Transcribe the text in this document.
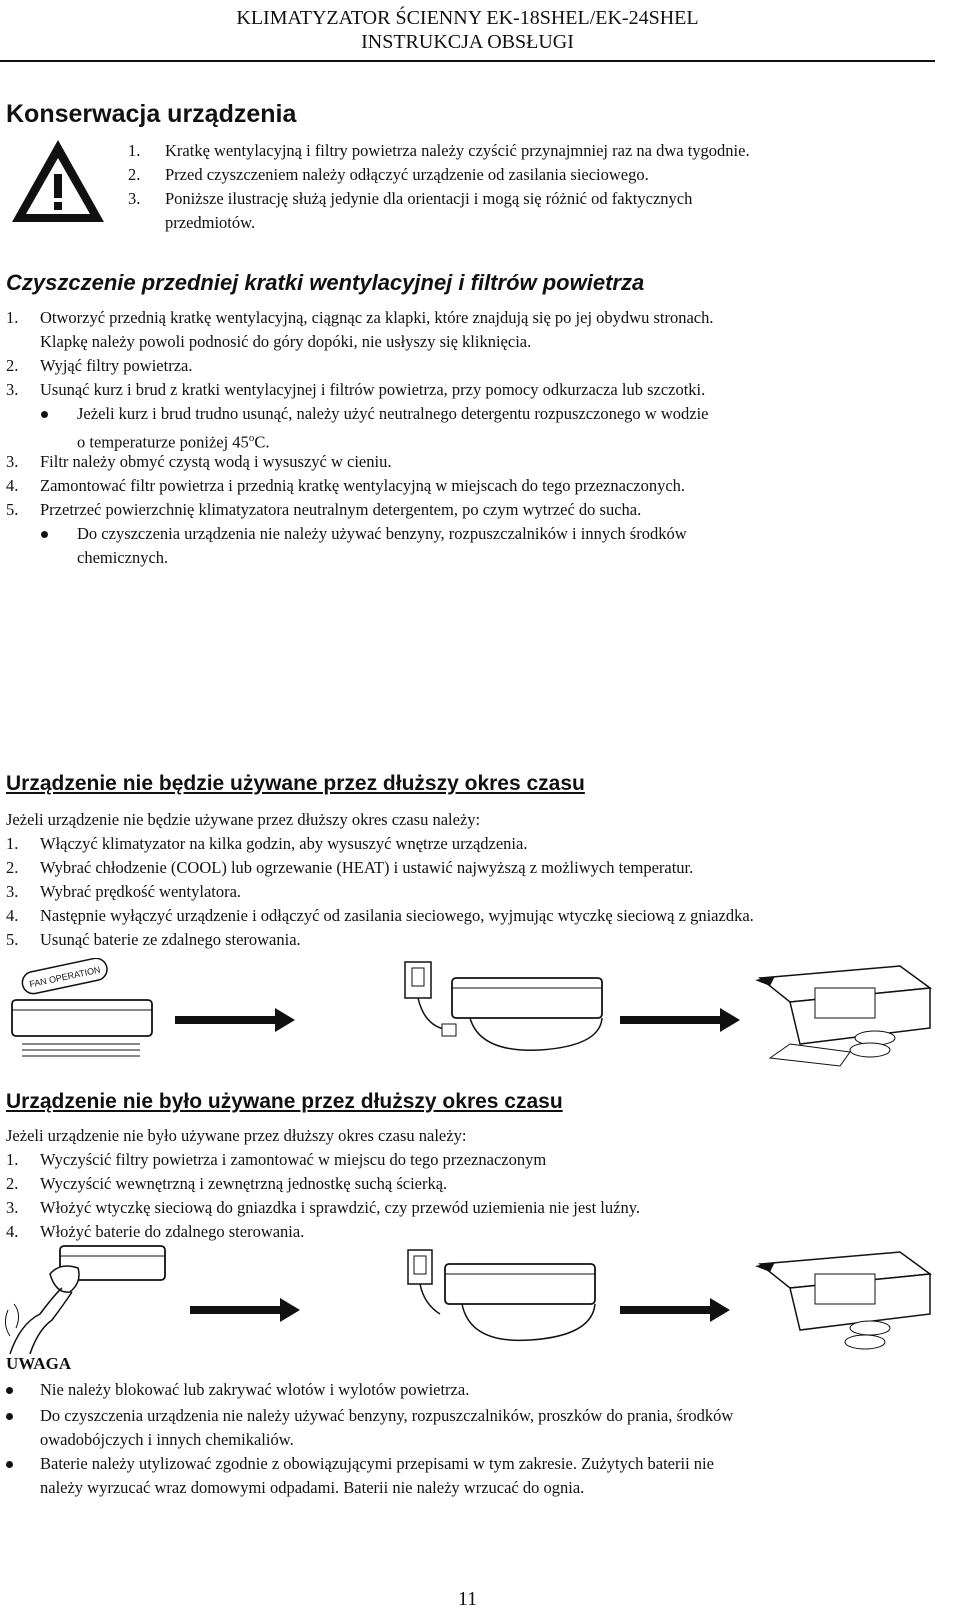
KLIMATYZATOR ŚCIENNY EK-18SHEL/EK-24SHEL
INSTRUKCJA OBSŁUGI
Konserwacja urządzenia
1. Kratkę wentylacyjną i filtry powietrza należy czyścić przynajmniej raz na dwa tygodnie.
2. Przed czyszczeniem należy odłączyć urządzenie od zasilania sieciowego.
3. Poniższe ilustrację służą jedynie dla orientacji i mogą się różnić od faktycznych
przedmiotów.
Czyszczenie przedniej kratki wentylacyjnej i filtrów powietrza
1. Otworzyć przednią kratkę wentylacyjną, ciągnąc za klapki, które znajdują się po jej obydwu stronach.
Klapkę należy powoli podnosić do góry dopóki, nie usłyszy się kliknięcia.
2. Wyjąć filtry powietrza.
3. Usunąć kurz i brud z kratki wentylacyjnej i filtrów powietrza, przy pomocy odkurzacza lub szczotki.
Jeżeli kurz i brud trudno usunąć, należy użyć neutralnego detergentu rozpuszczonego w wodzie
o temperaturze poniżej 45$^o$C.
3. Filtr należy obmyć czystą wodą i wysuszyć w cieniu.
4. Zamontować filtr powietrza i przednią kratkę wentylacyjną w miejscach do tego przeznaczonych.
5. Przetrzeć powierzchnię klimatyzatora neutralnym detergentem, po czym wytrzeć do sucha.
Do czyszczenia urządzenia nie należy używać benzyny, rozpuszczalników i innych środków
chemicznych.
Urządzenie nie będzie używane przez dłuższy okres czasu
Jeżeli urządzenie nie będzie używane przez dłuższy okres czasu należy:
1. Włączyć klimatyzator na kilka godzin, aby wysuszyć wnętrze urządzenia.
2. Wybrać chłodzenie (COOL) lub ogrzewanie (HEAT) i ustawić najwyższą z możliwych temperatur.
3. Wybrać prędkość wentylatora.
4. Następnie wyłączyć urządzenie i odłączyć od zasilania sieciowego, wyjmując wtyczkę sieciową z gniazdka.
5. Usunąć baterie ze zdalnego sterowania.
FAN OPERATION
Urządzenie nie było używane przez dłuższy okres czasu
Jeżeli urządzenie nie było używane przez dłuższy okres czasu należy:
1. Wyczyścić filtry powietrza i zamontować w miejscu do tego przeznaczonym
2. Wyczyścić wewnętrzną i zewnętrzną jednostkę suchą ścierką.
3. Włożyć wtyczkę sieciową do gniazdka i sprawdzić, czy przewód uziemienia nie jest luźny.
4. Włożyć baterie do zdalnego sterowania.
UWAGA
Nie należy blokować lub zakrywać wlotów i wylotów powietrza.
Do czyszczenia urządzenia nie należy używać benzyny, rozpuszczalników, proszków do prania, środków
owadobójczych i innych chemikaliów.
Baterie należy utylizować zgodnie z obowiązującymi przepisami w tym zakresie. Zużytych baterii nie
należy wyrzucać wraz domowymi odpadami. Baterii nie należy wrzucać do ognia.
11
